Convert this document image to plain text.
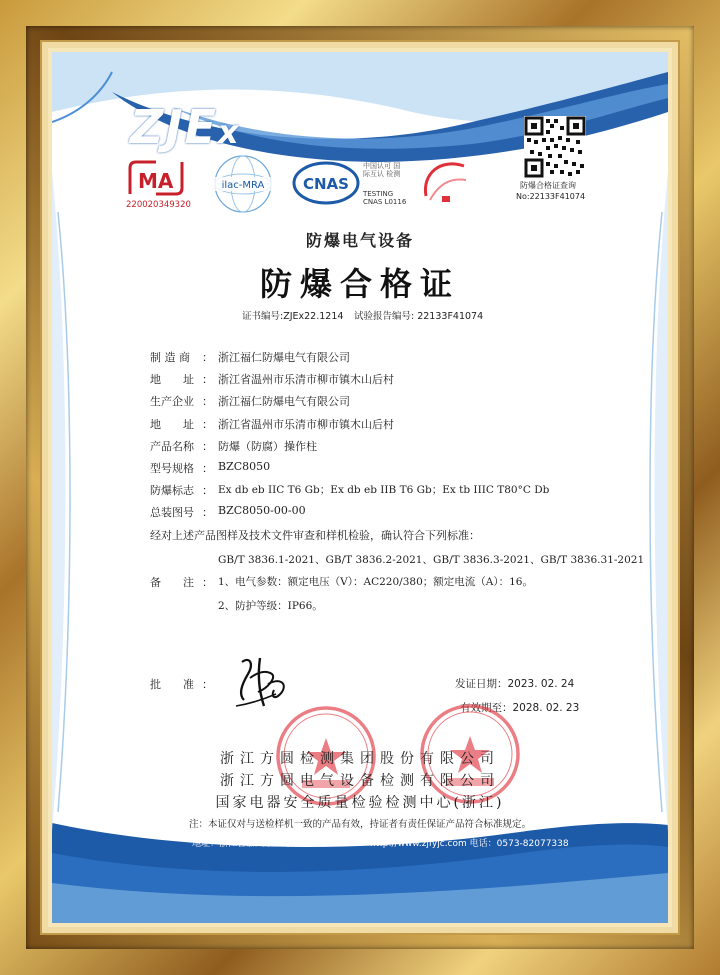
ZJEx
MA
220020349320
ilac-MRA	CNAS
中国认可 国际互认 检测
TESTING CNAS L0116
防爆合格证查询
No:22133F41074
防爆电气设备
防爆合格证
证书编号:ZJEx22.1214 试验报告编号: 22133F41074
制 造 商 ： 浙江福仁防爆电气有限公司
地　　址 ： 浙江省温州市乐清市柳市镇木山后村
生产企业 ： 浙江福仁防爆电气有限公司
地　　址 ： 浙江省温州市乐清市柳市镇木山后村
产品名称 ： 防爆（防腐）操作柱
型号规格 ： BZC8050
防爆标志 ： Ex db eb IIC T6 Gb；Ex db eb IIB T6 Gb；Ex tb IIIC T80°C Db
总装图号 ： BZC8050-00-00
经对上述产品图样及技术文件审查和样机检验，确认符合下列标准：
GB/T 3836.1-2021、GB/T 3836.2-2021、GB/T 3836.3-2021、GB/T 3836.31-2021
备　　注 ： 1、电气参数：额定电压（V）：AC220/380；额定电流（A）：16。
2、防护等级：IP66。
批　　准 ：	发证日期：2023. 02. 24
有效期至：2028. 02. 23
浙江方圆检测集团股份有限公司
浙江方圆电气设备检测有限公司
国家电器安全质量检验检测中心(浙江)
注：本证仅对与送检样机一致的产品有效，持证者有责任保证产品符合标准规定。
地址：浙江省嘉兴市广穹路400号	http://www.zjfyjc.com 电话：0573-82077338
